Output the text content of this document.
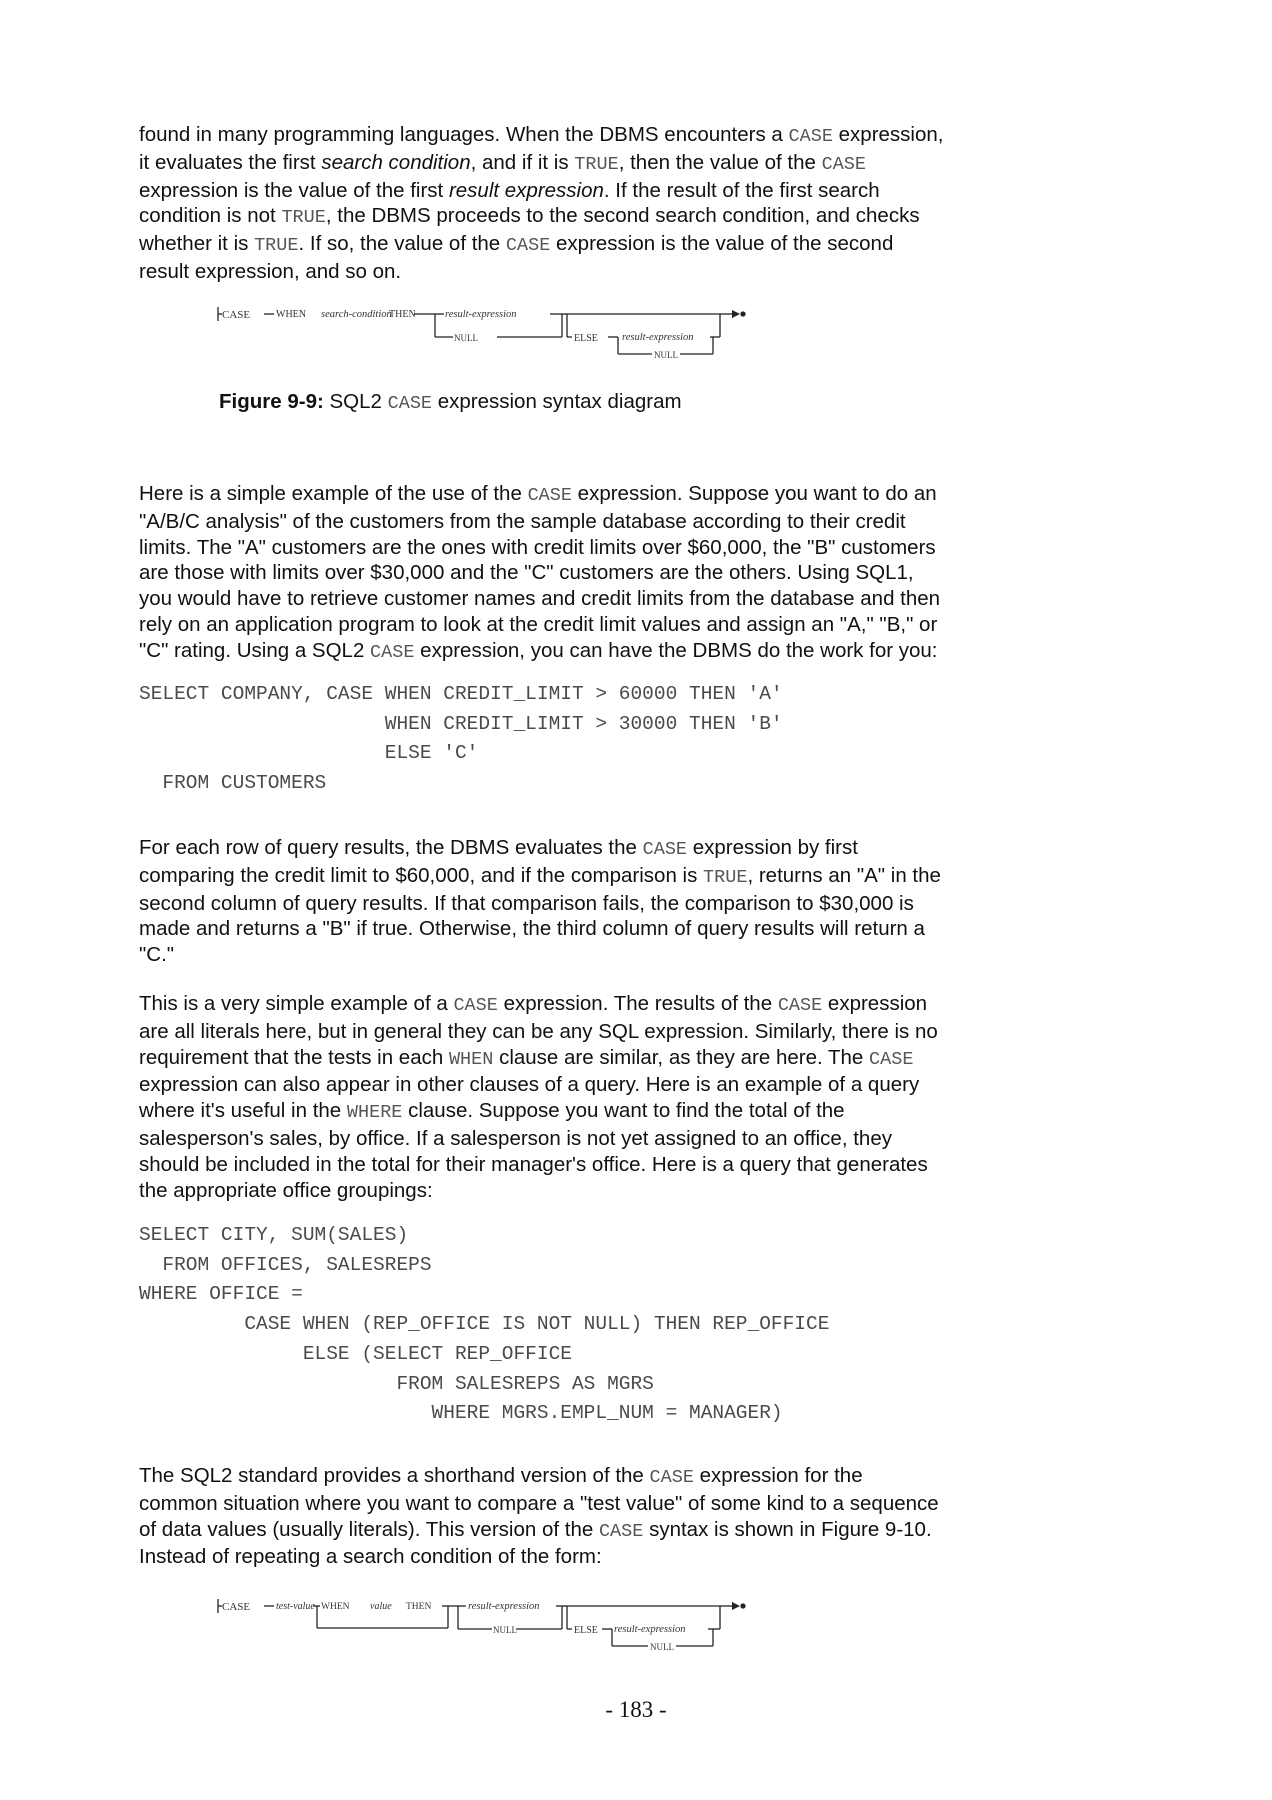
found in many programming languages. When the DBMS encounters a CASE expression,
it evaluates the first search condition, and if it is TRUE, then the value of the CASE
expression is the value of the first result expression. If the result of the first search
condition is not TRUE, the DBMS proceeds to the second search condition, and checks
whether it is TRUE. If so, the value of the CASE expression is the value of the second
result expression, and so on.
CASE	WHEN search-condition
THEN	result-expression
NULL	ELSE result-expression
NULL
Figure 9-9: SQL2 CASE expression syntax diagram
Here is a simple example of the use of the CASE expression. Suppose you want to do an
"A/B/C analysis" of the customers from the sample database according to their credit
limits. The "A" customers are the ones with credit limits over $60,000, the "B" customers
are those with limits over $30,000 and the "C" customers are the others. Using SQL1,
you would have to retrieve customer names and credit limits from the database and then
rely on an application program to look at the credit limit values and assign an "A," "B," or
"C" rating. Using a SQL2 CASE expression, you can have the DBMS do the work for you:
SELECT COMPANY, CASE WHEN CREDIT_LIMIT > 60000 THEN 'A'
WHEN CREDIT_LIMIT > 30000 THEN 'B'
ELSE 'C'
FROM CUSTOMERS
For each row of query results, the DBMS evaluates the CASE expression by first
comparing the credit limit to $60,000, and if the comparison is TRUE, returns an "A" in the
second column of query results. If that comparison fails, the comparison to $30,000 is
made and returns a "B" if true. Otherwise, the third column of query results will return a
"C."
This is a very simple example of a CASE expression. The results of the CASE expression
are all literals here, but in general they can be any SQL expression. Similarly, there is no
requirement that the tests in each WHEN clause are similar, as they are here. The CASE
expression can also appear in other clauses of a query. Here is an example of a query
where it's useful in the WHERE clause. Suppose you want to find the total of the
salesperson's sales, by office. If a salesperson is not yet assigned to an office, they
should be included in the total for their manager's office. Here is a query that generates
the appropriate office groupings:
SELECT CITY, SUM(SALES)
FROM OFFICES, SALESREPS
WHERE OFFICE =
CASE WHEN (REP_OFFICE IS NOT NULL) THEN REP_OFFICE
ELSE (SELECT REP_OFFICE
FROM SALESREPS AS MGRS
WHERE MGRS.EMPL_NUM = MANAGER)
The SQL2 standard provides a shorthand version of the CASE expression for the
common situation where you want to compare a "test value" of some kind to a sequence
of data values (usually literals). This version of the CASE syntax is shown in Figure 9-10.
Instead of repeating a search condition of the form:
CASE	test-value WHEN value THEN	result-expression
NULL	ELSE result-expression
NULL
- 183 -
